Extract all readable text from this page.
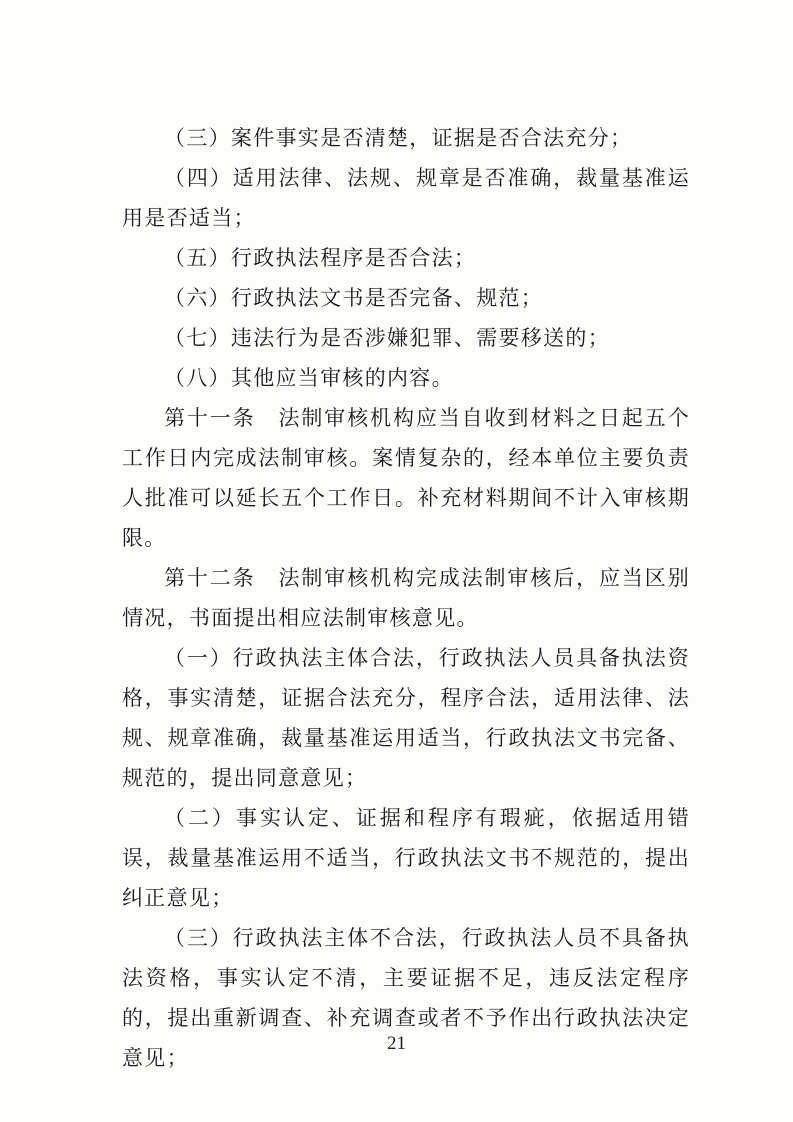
（三）案件事实是否清楚，证据是否合法充分；

（四）适用法律、法规、规章是否准确，裁量基准运用是否适当；

（五）行政执法程序是否合法；

（六）行政执法文书是否完备、规范；

（七）违法行为是否涉嫌犯罪、需要移送的；

（八）其他应当审核的内容。

第十一条　法制审核机构应当自收到材料之日起五个工作日内完成法制审核。案情复杂的，经本单位主要负责人批准可以延长五个工作日。补充材料期间不计入审核期限。

第十二条　法制审核机构完成法制审核后，应当区别情况，书面提出相应法制审核意见。

（一）行政执法主体合法，行政执法人员具备执法资格，事实清楚，证据合法充分，程序合法，适用法律、法规、规章准确，裁量基准运用适当，行政执法文书完备、规范的，提出同意意见；

（二）事实认定、证据和程序有瑕疵，依据适用错误，裁量基准运用不适当，行政执法文书不规范的，提出纠正意见；

（三）行政执法主体不合法，行政执法人员不具备执法资格，事实认定不清，主要证据不足，违反法定程序的，提出重新调查、补充调查或者不予作出行政执法决定意见；

21
